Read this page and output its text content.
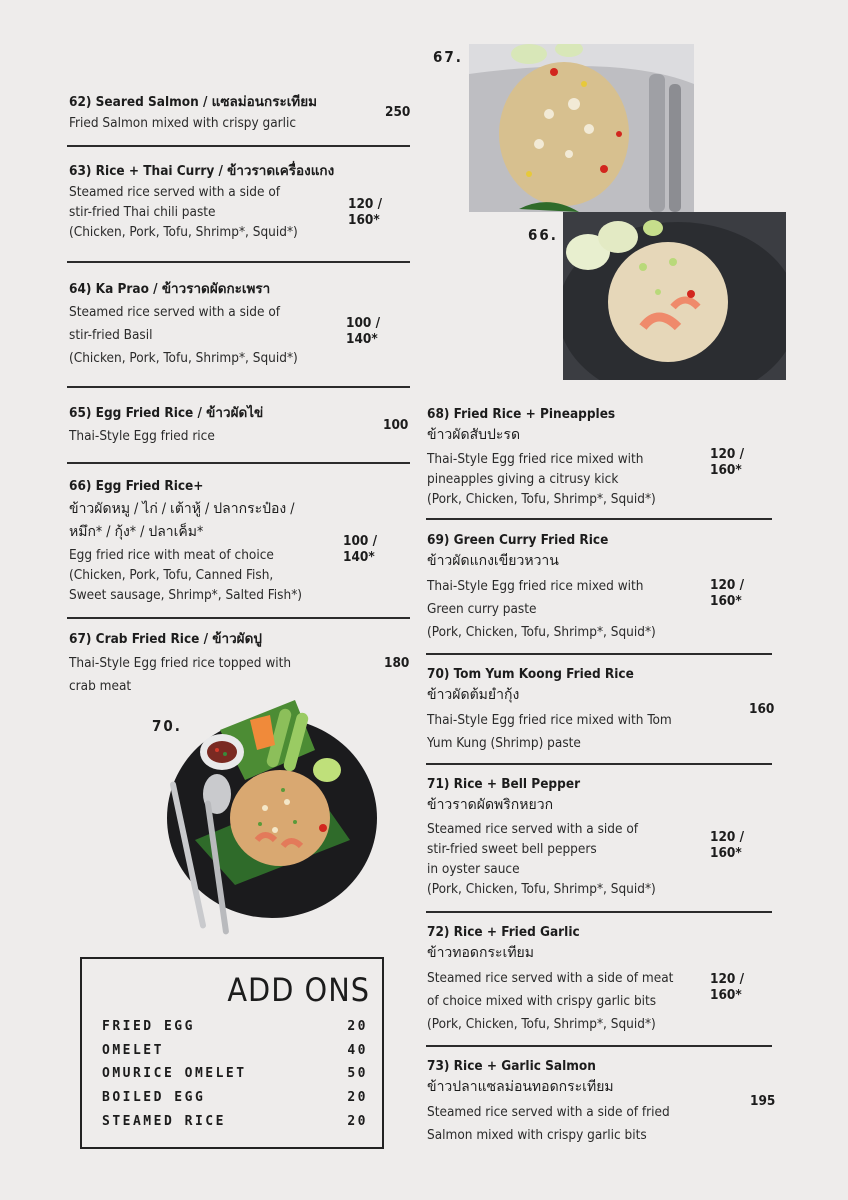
62) Seared Salmon / แซลม่อนกระเทียม
Fried Salmon mixed with crispy garlic
250
63) Rice + Thai Curry / ข้าวราดเครื่องแกง
Steamed rice served with a side of
stir-fried Thai chili paste
(Chicken, Pork, Tofu, Shrimp*, Squid*)
120 / 160*
64) Ka Prao / ข้าวราดผัดกะเพรา
Steamed rice served with a side of
stir-fried Basil
(Chicken, Pork, Tofu, Shrimp*, Squid*)
100 / 140*
65) Egg Fried Rice / ข้าวผัดไข่
Thai-Style Egg fried rice
100
66) Egg Fried Rice+
ข้าวผัดหมู / ไก่ / เต้าหู้ / ปลากระป๋อง /
หมึก* / กุ้ง* / ปลาเค็ม*
Egg fried rice with meat of choice
(Chicken, Pork, Tofu, Canned Fish,
Sweet sausage, Shrimp*, Salted Fish*)
100 / 140*
67) Crab Fried Rice / ข้าวผัดปู
Thai-Style Egg fried rice topped with
crab meat
180
70.
ADD ONS
FRIED EGG	20
OMELET	40
OMURICE OMELET	50
BOILED EGG	20
STEAMED RICE	20
67.
66.
68) Fried Rice + Pineapples
ข้าวผัดสับปะรด
Thai-Style Egg fried rice mixed with
pineapples giving a citrusy kick
(Pork, Chicken, Tofu, Shrimp*, Squid*)
120 / 160*
69) Green Curry Fried Rice
ข้าวผัดแกงเขียวหวาน
Thai-Style Egg fried rice mixed with
Green curry paste
(Pork, Chicken, Tofu, Shrimp*, Squid*)
120 / 160*
70) Tom Yum Koong Fried Rice
ข้าวผัดต้มยำกุ้ง
Thai-Style Egg fried rice mixed with Tom
Yum Kung (Shrimp) paste
160
71) Rice + Bell Pepper
ข้าวราดผัดพริกหยวก
Steamed rice served with a side of
stir-fried sweet bell peppers
in oyster sauce
(Pork, Chicken, Tofu, Shrimp*, Squid*)
120 / 160*
72) Rice + Fried Garlic
ข้าวทอดกระเทียม
Steamed rice served with a side of meat
of choice mixed with crispy garlic bits
(Pork, Chicken, Tofu, Shrimp*, Squid*)
120 / 160*
73) Rice + Garlic Salmon
ข้าวปลาแซลม่อนทอดกระเทียม
Steamed rice served with a side of fried
Salmon mixed with crispy garlic bits
195
